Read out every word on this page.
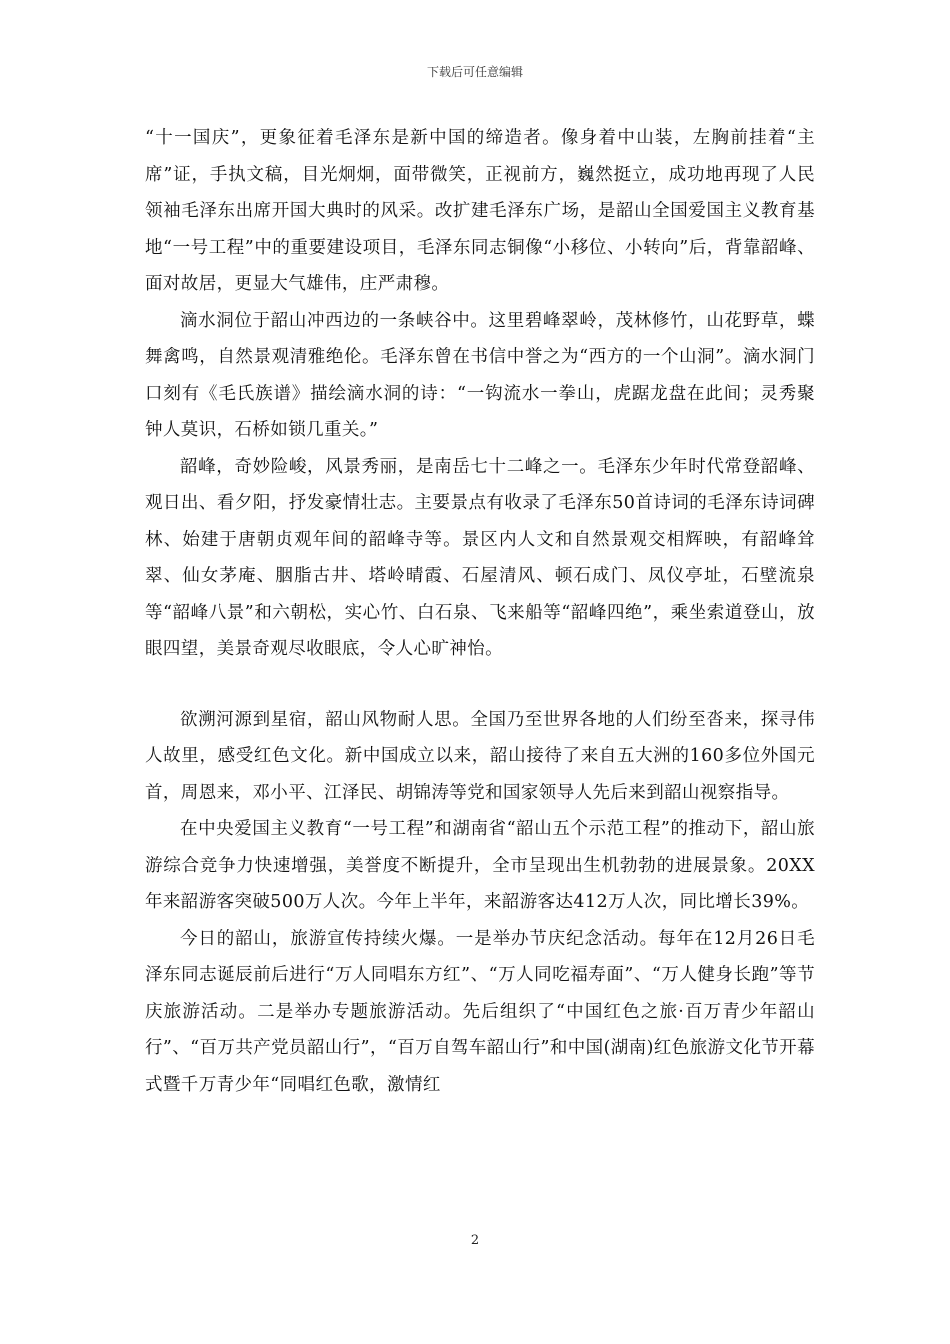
下载后可任意编辑

“十一国庆”，更象征着毛泽东是新中国的缔造者。像身着中山装，左胸前挂着“主席”证，手执文稿，目光炯炯，面带微笑，正视前方，巍然挺立，成功地再现了人民领袖毛泽东出席开国大典时的风采。改扩建毛泽东广场，是韶山全国爱国主义教育基地“一号工程”中的重要建设项目，毛泽东同志铜像“小移位、小转向”后，背靠韶峰、面对故居，更显大气雄伟，庄严肃穆。

滴水洞位于韶山冲西边的一条峡谷中。这里碧峰翠岭，茂林修竹，山花野草，蝶舞禽鸣，自然景观清雅绝伦。毛泽东曾在书信中誉之为“西方的一个山洞”。滴水洞门口刻有《毛氏族谱》描绘滴水洞的诗：“一钩流水一拳山，虎踞龙盘在此间；灵秀聚钟人莫识，石桥如锁几重关。”

韶峰，奇妙险峻，风景秀丽，是南岳七十二峰之一。毛泽东少年时代常登韶峰、观日出、看夕阳，抒发豪情壮志。主要景点有收录了毛泽东50首诗词的毛泽东诗词碑林、始建于唐朝贞观年间的韶峰寺等。景区内人文和自然景观交相辉映，有韶峰耸翠、仙女茅庵、胭脂古井、塔岭晴霞、石屋清风、顿石成门、凤仪亭址，石壁流泉等“韶峰八景”和六朝松，实心竹、白石泉、飞来船等“韶峰四绝”，乘坐索道登山，放眼四望，美景奇观尽收眼底，令人心旷神怡。

欲溯河源到星宿，韶山风物耐人思。全国乃至世界各地的人们纷至沓来，探寻伟人故里，感受红色文化。新中国成立以来，韶山接待了来自五大洲的160多位外国元首，周恩来，邓小平、江泽民、胡锦涛等党和国家领导人先后来到韶山视察指导。

在中央爱国主义教育“一号工程”和湖南省“韶山五个示范工程”的推动下，韶山旅游综合竞争力快速增强，美誉度不断提升，全市呈现出生机勃勃的进展景象。20XX年来韶游客突破500万人次。今年上半年，来韶游客达412万人次，同比增长39%。

今日的韶山，旅游宣传持续火爆。一是举办节庆纪念活动。每年在12月26日毛泽东同志诞辰前后进行“万人同唱东方红”、“万人同吃福寿面”、“万人健身长跑”等节庆旅游活动。二是举办专题旅游活动。先后组织了“中国红色之旅·百万青少年韶山行”、“百万共产党员韶山行”，“百万自驾车韶山行”和中国(湖南)红色旅游文化节开幕式暨千万青少年“同唱红色歌，激情红

2
